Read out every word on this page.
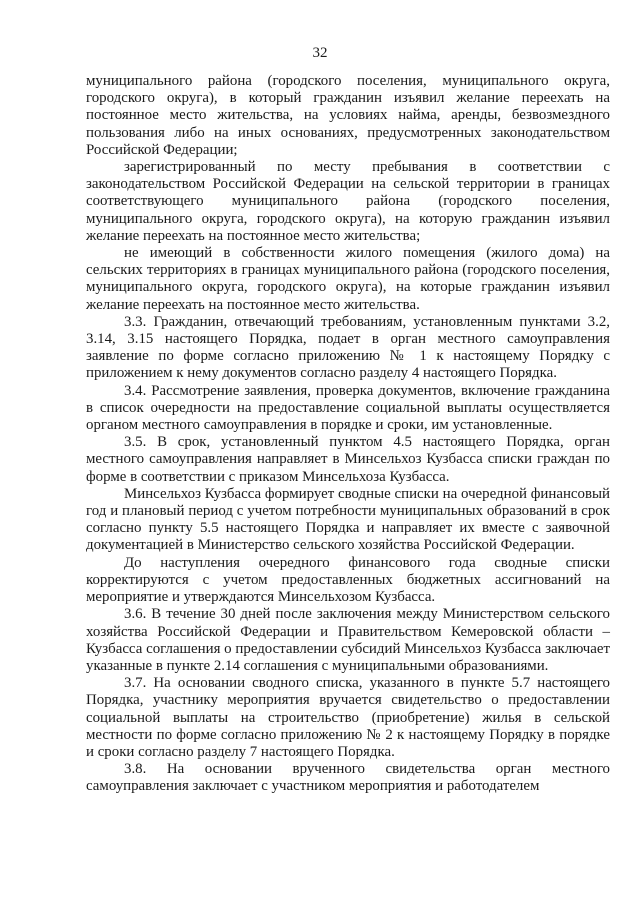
32

муниципального района (городского поселения, муниципального округа, городского округа), в который гражданин изъявил желание переехать на постоянное место жительства, на условиях найма, аренды, безвозмездного пользования либо на иных основаниях, предусмотренных законодательством Российской Федерации;

зарегистрированный по месту пребывания в соответствии с законодательством Российской Федерации на сельской территории в границах соответствующего муниципального района (городского поселения, муниципального округа, городского округа), на которую гражданин изъявил желание переехать на постоянное место жительства;

не имеющий в собственности жилого помещения (жилого дома) на сельских территориях в границах муниципального района (городского поселения, муниципального округа, городского округа), на которые гражданин изъявил желание переехать на постоянное место жительства.

3.3. Гражданин, отвечающий требованиям, установленным пунктами 3.2, 3.14, 3.15 настоящего Порядка, подает в орган местного самоуправления заявление по форме согласно приложению № 1 к настоящему Порядку с приложением к нему документов согласно разделу 4 настоящего Порядка.

3.4. Рассмотрение заявления, проверка документов, включение гражданина в список очередности на предоставление социальной выплаты осуществляется органом местного самоуправления в порядке и сроки, им установленные.

3.5. В срок, установленный пунктом 4.5 настоящего Порядка, орган местного самоуправления направляет в Минсельхоз Кузбасса списки граждан по форме в соответствии с приказом Минсельхоза Кузбасса.

Минсельхоз Кузбасса формирует сводные списки на очередной финансовый год и плановый период с учетом потребности муниципальных образований в срок согласно пункту 5.5 настоящего Порядка и направляет их вместе с заявочной документацией в Министерство сельского хозяйства Российской Федерации.

До наступления очередного финансового года сводные списки корректируются с учетом предоставленных бюджетных ассигнований на мероприятие и утверждаются Минсельхозом Кузбасса.

3.6. В течение 30 дней после заключения между Министерством сельского хозяйства Российской Федерации и Правительством Кемеровской области – Кузбасса соглашения о предоставлении субсидий Минсельхоз Кузбасса заключает указанные в пункте 2.14 соглашения с муниципальными образованиями.

3.7. На основании сводного списка, указанного в пункте 5.7 настоящего Порядка, участнику мероприятия вручается свидетельство о предоставлении социальной выплаты на строительство (приобретение) жилья в сельской местности по форме согласно приложению № 2 к настоящему Порядку в порядке и сроки согласно разделу 7 настоящего Порядка.

3.8. На основании врученного свидетельства орган местного самоуправления заключает с участником мероприятия и работодателем
